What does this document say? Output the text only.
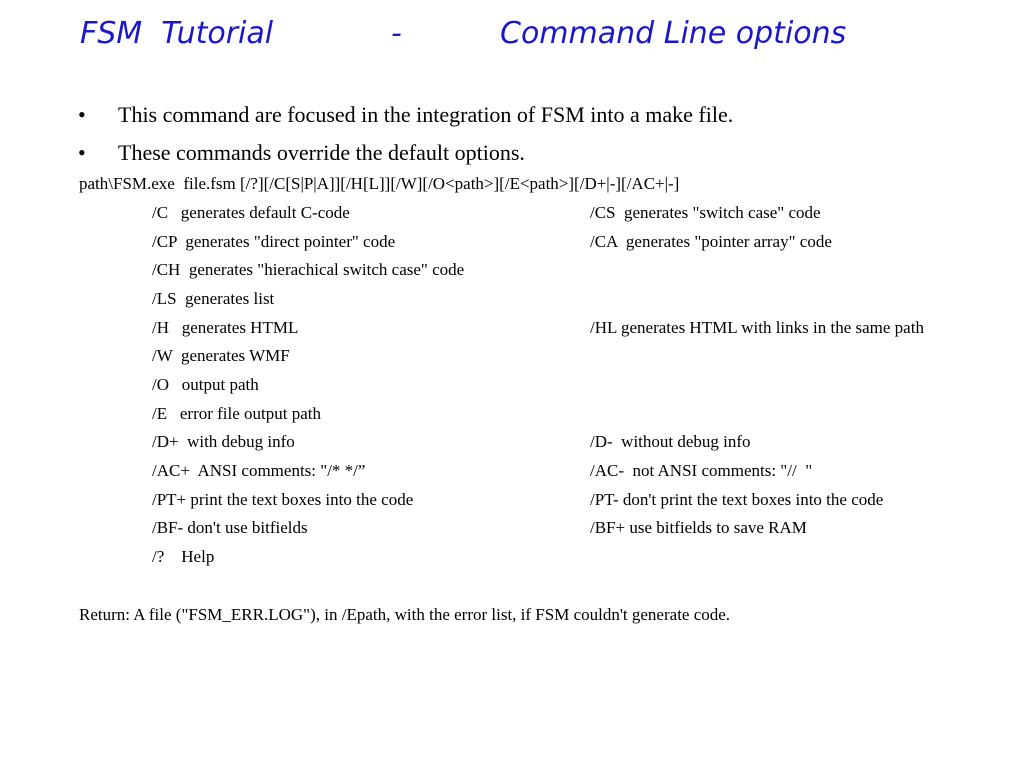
FSM  Tutorial

	-

	Command Line options

•

This command are focused in the integration of FSM into a make file.

•

These commands override the default options.

path\FSM.exe  file.fsm [/?][/C[S|P|A]][/H[L]][/W][/O<path>][/E<path>][/D+|-][/AC+|-]
/C   generates default C-code	/CS  generates "switch case" code
/CP  generates "direct pointer" code	/CA  generates "pointer array" code
/CH  generates "hierachical switch case" code
/LS  generates list
/H   generates HTML	/HL generates HTML with links in the same path
/W  generates WMF
/O   output path
/E   error file output path
/D+  with debug info	/D-  without debug info
/AC+  ANSI comments: "/* */”	/AC-  not ANSI comments: "//  "
/PT+ print the text boxes into the code	/PT- don't print the text boxes into the code
/BF- don't use bitfields	/BF+ use bitfields to save RAM
/?    Help
Return: A file ("FSM_ERR.LOG"), in /Epath, with the error list, if FSM couldn't generate code.
